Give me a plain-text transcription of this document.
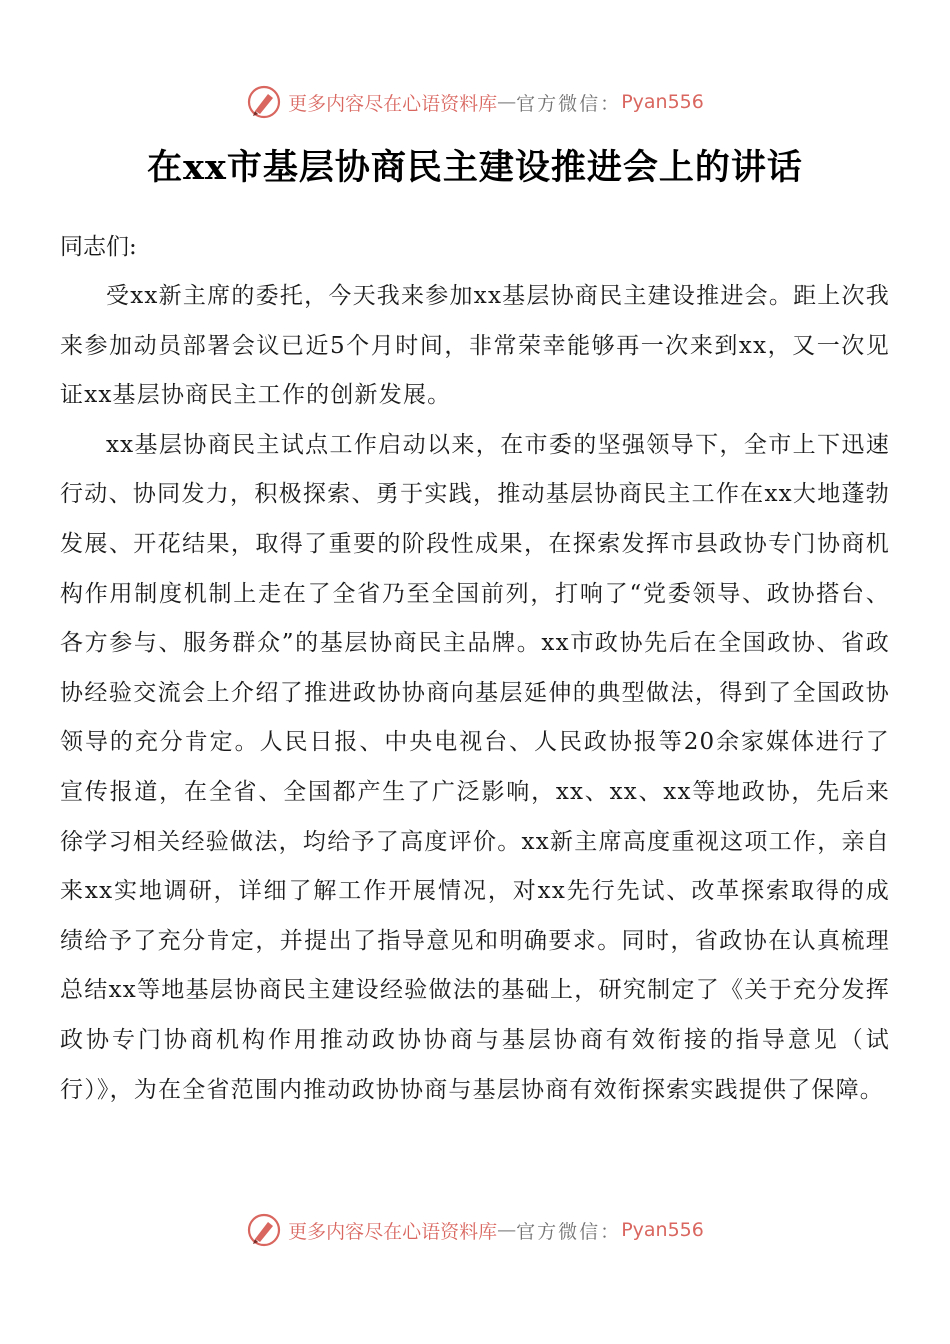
更多内容尽在心语资料库 — 官方微信： Pyan556
在xx市基层协商民主建设推进会上的讲话
同志们:

受xx新主席的委托，今天我来参加xx基层协商民主建设推进会。距上次我来参加动员部署会议已近5个月时间，非常荣幸能够再一次来到xx，又一次见证xx基层协商民主工作的创新发展。

xx基层协商民主试点工作启动以来，在市委的坚强领导下，全市上下迅速行动、协同发力，积极探索、勇于实践，推动基层协商民主工作在xx大地蓬勃发展、开花结果，取得了重要的阶段性成果，在探索发挥市县政协专门协商机构作用制度机制上走在了全省乃至全国前列，打响了“党委领导、政协搭台、各方参与、服务群众”的基层协商民主品牌。xx市政协先后在全国政协、省政协经验交流会上介绍了推进政协协商向基层延伸的典型做法，得到了全国政协领导的充分肯定。人民日报、中央电视台、人民政协报等20余家媒体进行了宣传报道，在全省、全国都产生了广泛影响，xx、xx、xx等地政协，先后来徐学习相关经验做法，均给予了高度评价。xx新主席高度重视这项工作，亲自来xx实地调研，详细了解工作开展情况，对xx先行先试、改革探索取得的成绩给予了充分肯定，并提出了指导意见和明确要求。同时，省政协在认真梳理总结xx等地基层协商民主建设经验做法的基础上，研究制定了《关于充分发挥政协专门协商机构作用推动政协协商与基层协商有效衔接的指导意见（试行）》，为在全省范围内推动政协协商与基层协商有效衔探索实践提供了保障。

更多内容尽在心语资料库 — 官方微信： Pyan556
